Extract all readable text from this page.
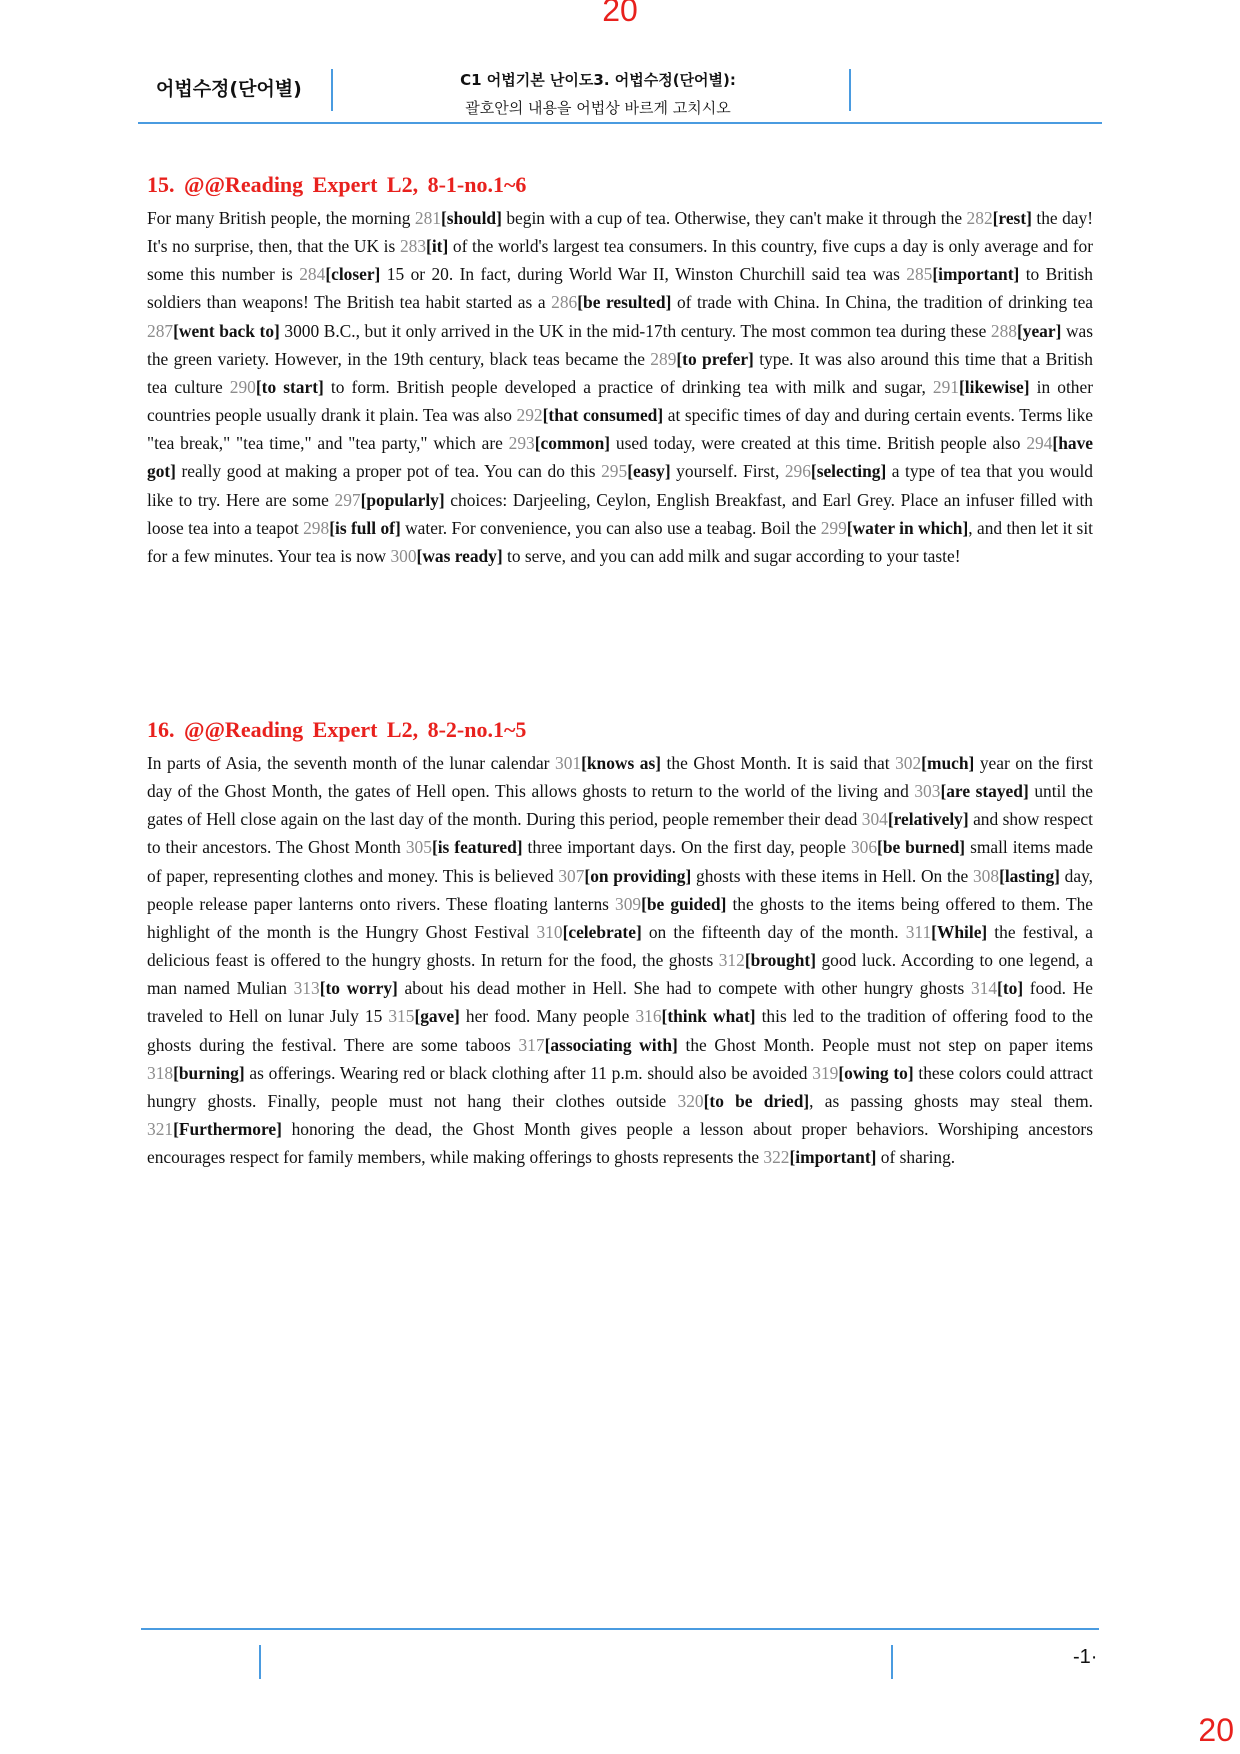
20
어법수정(단어별)	C1 어법기본 난이도3. 어법수정(단어별):
괄호안의 내용을 어법상 바르게 고치시오
15. @@Reading Expert L2, 8-1-no.1~6

For many British people, the morning 281[should] begin with a cup of tea. Otherwise, they can't make it through the 282[rest] the day! It's no surprise, then, that the UK is 283[it] of the world's largest tea consumers. In this country, five cups a day is only average and for some this number is 284[closer] 15 or 20. In fact, during World War II, Winston Churchill said tea was 285[important] to British soldiers than weapons! The British tea habit started as a 286[be resulted] of trade with China. In China, the tradition of drinking tea 287[went back to] 3000 B.C., but it only arrived in the UK in the mid-17th century. The most common tea during these 288[year] was the green variety. However, in the 19th century, black teas became the 289[to prefer] type. It was also around this time that a British tea culture 290[to start] to form. British people developed a practice of drinking tea with milk and sugar, 291[likewise] in other countries people usually drank it plain. Tea was also 292[that consumed] at specific times of day and during certain events. Terms like "tea break," "tea time," and "tea party," which are 293[common] used today, were created at this time. British people also 294[have got] really good at making a proper pot of tea. You can do this 295[easy] yourself. First, 296[selecting] a type of tea that you would like to try. Here are some 297[popularly] choices: Darjeeling, Ceylon, English Breakfast, and Earl Grey. Place an infuser filled with loose tea into a teapot 298[is full of] water. For convenience, you can also use a teabag. Boil the 299[water in which], and then let it sit for a few minutes. Your tea is now 300[was ready] to serve, and you can add milk and sugar according to your taste!

16. @@Reading Expert L2, 8-2-no.1~5

In parts of Asia, the seventh month of the lunar calendar 301[knows as] the Ghost Month. It is said that 302[much] year on the first day of the Ghost Month, the gates of Hell open. This allows ghosts to return to the world of the living and 303[are stayed] until the gates of Hell close again on the last day of the month. During this period, people remember their dead 304[relatively] and show respect to their ancestors. The Ghost Month 305[is featured] three important days. On the first day, people 306[be burned] small items made of paper, representing clothes and money. This is believed 307[on providing] ghosts with these items in Hell. On the 308[lasting] day, people release paper lanterns onto rivers. These floating lanterns 309[be guided] the ghosts to the items being offered to them. The highlight of the month is the Hungry Ghost Festival 310[celebrate] on the fifteenth day of the month. 311[While] the festival, a delicious feast is offered to the hungry ghosts. In return for the food, the ghosts 312[brought] good luck. According to one legend, a man named Mulian 313[to worry] about his dead mother in Hell. She had to compete with other hungry ghosts 314[to] food. He traveled to Hell on lunar July 15 315[gave] her food. Many people 316[think what] this led to the tradition of offering food to the ghosts during the festival. There are some taboos 317[associating with] the Ghost Month. People must not step on paper items 318[burning] as offerings. Wearing red or black clothing after 11 p.m. should also be avoided 319[owing to] these colors could attract hungry ghosts. Finally, people must not hang their clothes outside 320[to be dried], as passing ghosts may steal them. 321[Furthermore] honoring the dead, the Ghost Month gives people a lesson about proper behaviors. Worshiping ancestors encourages respect for family members, while making offerings to ghosts represents the 322[important] of sharing.

-1·
20
